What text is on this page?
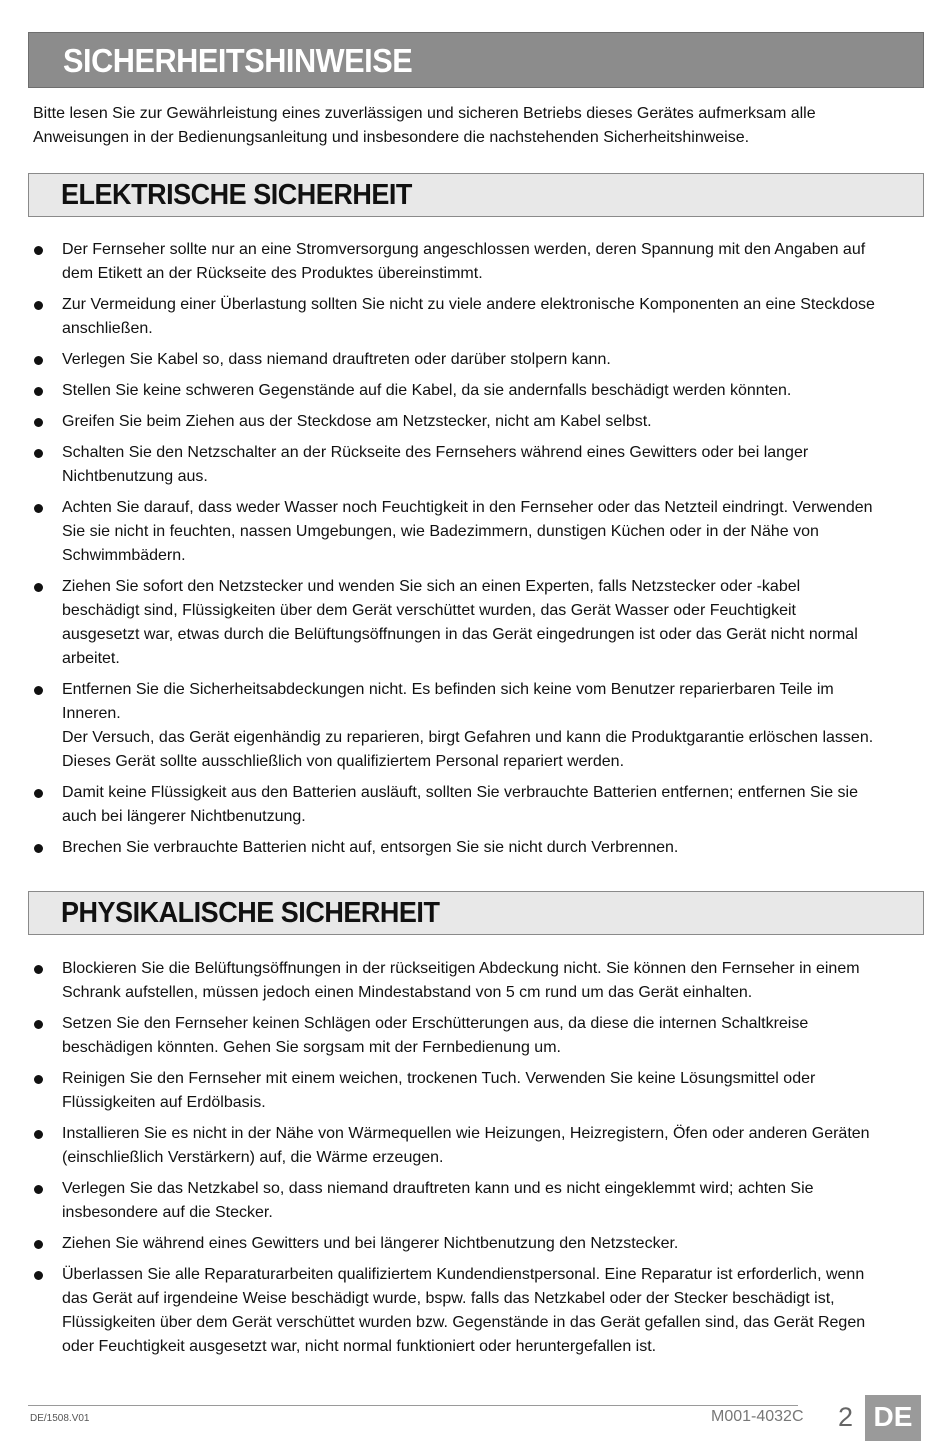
SICHERHEITSHINWEISE
Bitte lesen Sie zur Gewährleistung eines zuverlässigen und sicheren Betriebs dieses Gerätes aufmerksam alle
Anweisungen in der Bedienungsanleitung und insbesondere die nachstehenden Sicherheitshinweise.
ELEKTRISCHE SICHERHEIT
Der Fernseher sollte nur an eine Stromversorgung angeschlossen werden, deren Spannung mit den Angaben auf
dem Etikett an der Rückseite des Produktes übereinstimmt.
Zur Vermeidung einer Überlastung sollten Sie nicht zu viele andere elektronische Komponenten an eine Steckdose
anschließen.
Verlegen Sie Kabel so, dass niemand drauftreten oder darüber stolpern kann.
Stellen Sie keine schweren Gegenstände auf die Kabel, da sie andernfalls beschädigt werden könnten.
Greifen Sie beim Ziehen aus der Steckdose am Netzstecker, nicht am Kabel selbst.
Schalten Sie den Netzschalter an der Rückseite des Fernsehers während eines Gewitters oder bei langer
Nichtbenutzung aus.
Achten Sie darauf, dass weder Wasser noch Feuchtigkeit in den Fernseher oder das Netzteil eindringt. Verwenden
Sie sie nicht in feuchten, nassen Umgebungen, wie Badezimmern, dunstigen Küchen oder in der Nähe von
Schwimmbädern.
Ziehen Sie sofort den Netzstecker und wenden Sie sich an einen Experten, falls Netzstecker oder -kabel
beschädigt sind, Flüssigkeiten über dem Gerät verschüttet wurden, das Gerät Wasser oder Feuchtigkeit
ausgesetzt war, etwas durch die Belüftungsöffnungen in das Gerät eingedrungen ist oder das Gerät nicht normal
arbeitet.
Entfernen Sie die Sicherheitsabdeckungen nicht. Es befinden sich keine vom Benutzer reparierbaren Teile im
Inneren.
Der Versuch, das Gerät eigenhändig zu reparieren, birgt Gefahren und kann die Produktgarantie erlöschen lassen.
Dieses Gerät sollte ausschließlich von qualifiziertem Personal repariert werden.
Damit keine Flüssigkeit aus den Batterien ausläuft, sollten Sie verbrauchte Batterien entfernen; entfernen Sie sie
auch bei längerer Nichtbenutzung.
Brechen Sie verbrauchte Batterien nicht auf, entsorgen Sie sie nicht durch Verbrennen.
PHYSIKALISCHE SICHERHEIT
Blockieren Sie die Belüftungsöffnungen in der rückseitigen Abdeckung nicht. Sie können den Fernseher in einem
Schrank aufstellen, müssen jedoch einen Mindestabstand von 5 cm rund um das Gerät einhalten.
Setzen Sie den Fernseher keinen Schlägen oder Erschütterungen aus, da diese die internen Schaltkreise
beschädigen könnten. Gehen Sie sorgsam mit der Fernbedienung um.
Reinigen Sie den Fernseher mit einem weichen, trockenen Tuch. Verwenden Sie keine Lösungsmittel oder
Flüssigkeiten auf Erdölbasis.
Installieren Sie es nicht in der Nähe von Wärmequellen wie Heizungen, Heizregistern, Öfen oder anderen Geräten
(einschließlich Verstärkern) auf, die Wärme erzeugen.
Verlegen Sie das Netzkabel so, dass niemand drauftreten kann und es nicht eingeklemmt wird; achten Sie
insbesondere auf die Stecker.
Ziehen Sie während eines Gewitters und bei längerer Nichtbenutzung den Netzstecker.
Überlassen Sie alle Reparaturarbeiten qualifiziertem Kundendienstpersonal. Eine Reparatur ist erforderlich, wenn
das Gerät auf irgendeine Weise beschädigt wurde, bspw. falls das Netzkabel oder der Stecker beschädigt ist,
Flüssigkeiten über dem Gerät verschüttet wurden bzw. Gegenstände in das Gerät gefallen sind, das Gerät Regen
oder Feuchtigkeit ausgesetzt war, nicht normal funktioniert oder heruntergefallen ist.
DE/1508.V01	M001-4032C 2 DE
